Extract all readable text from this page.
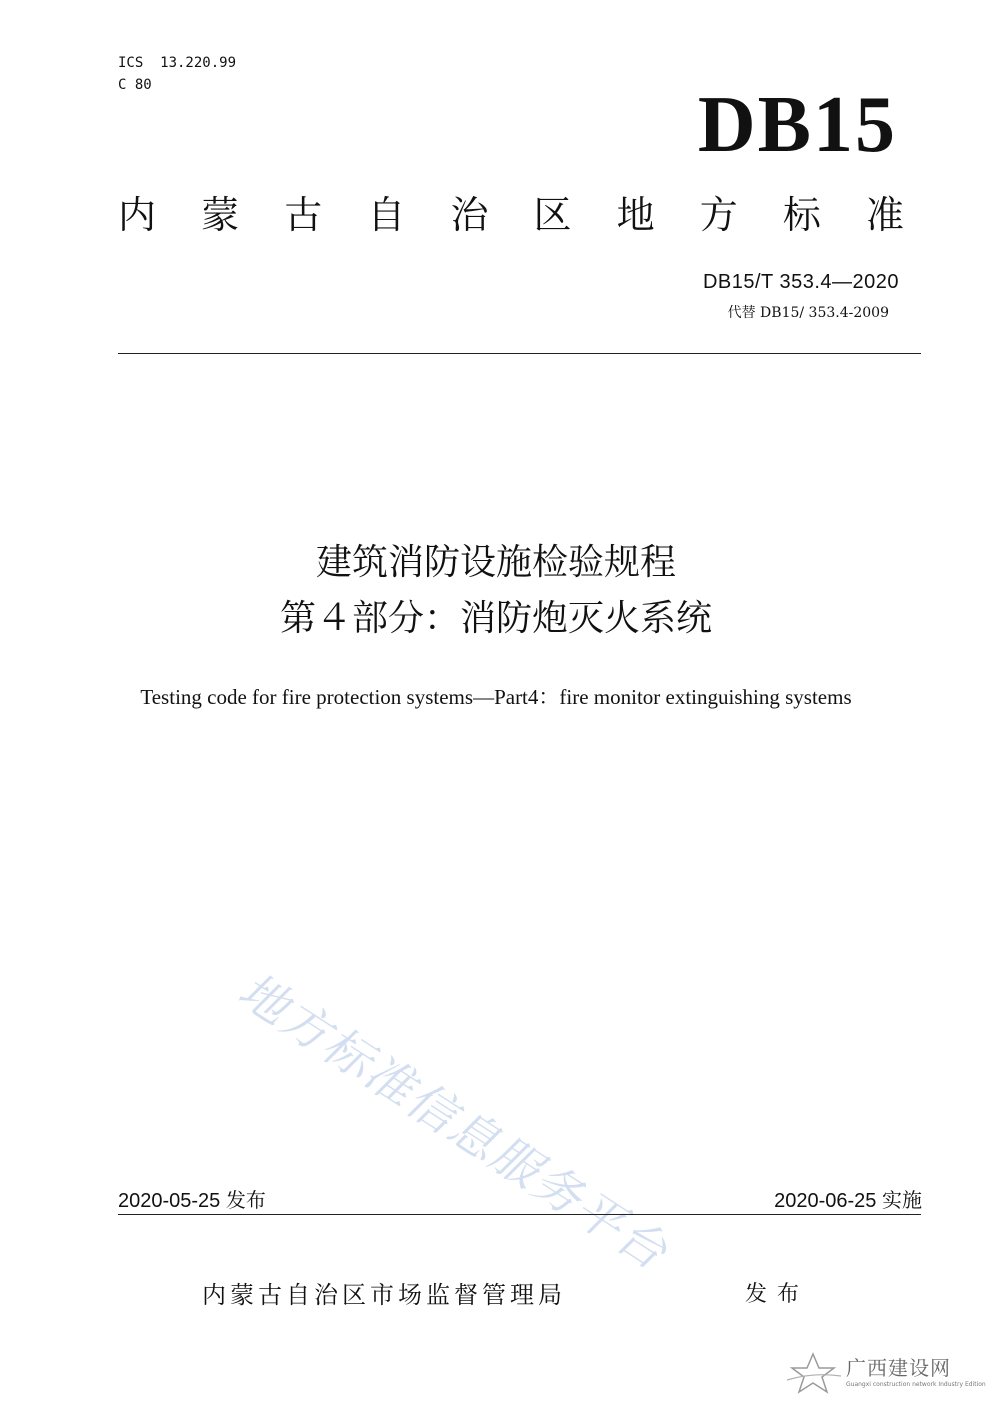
ICS  13.220.99
C 80	DB15
内 蒙 古 自 治 区 地 方 标 准
DB15/T 353.4—2020
代替 DB15/ 353.4-2009
建筑消防设施检验规程
第４部分：消防炮灭火系统
Testing code for fire protection systems—Part4：fire monitor extinguishing systems
地方标准信息服务平台
2020-05-25 发布	2020-06-25 实施
内蒙古自治区市场监督管理局	发布
广西建设网
Guangxi construction network Industry Edition
